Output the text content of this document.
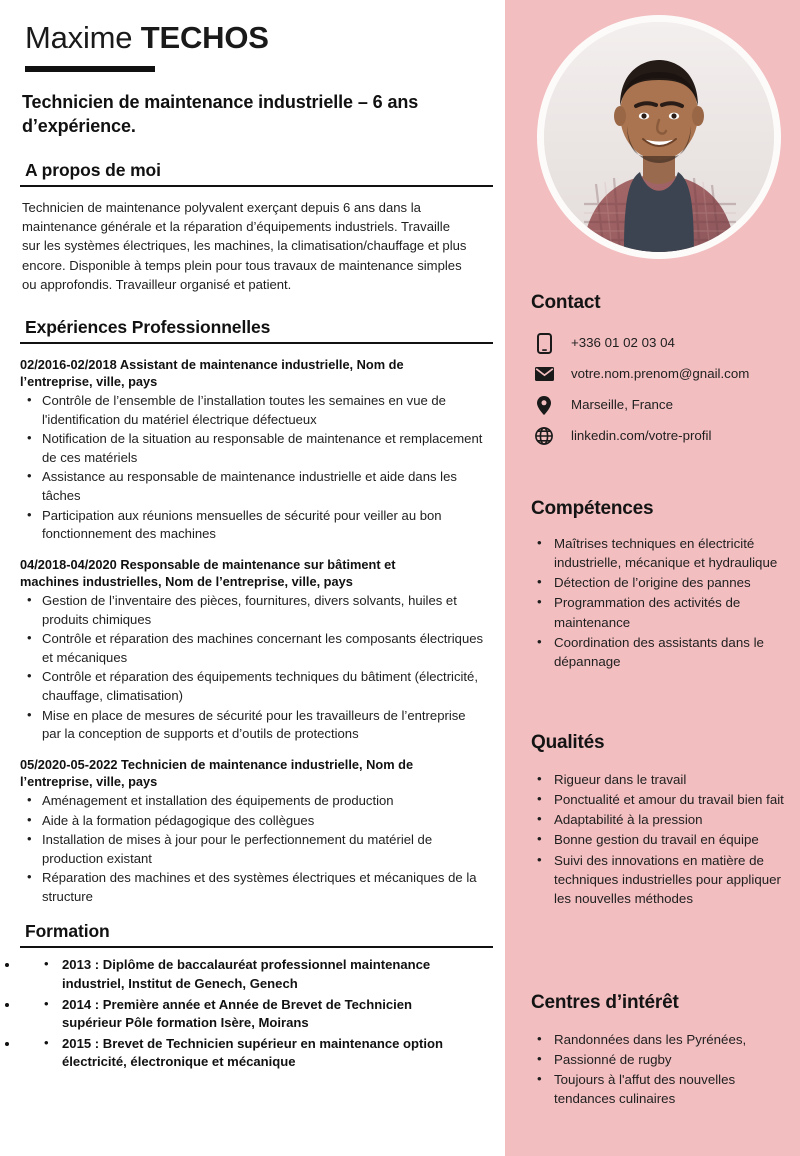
Maxime TECHOS
Technicien de maintenance industrielle – 6 ans d’expérience.
A propos de moi
Technicien de maintenance polyvalent exerçant depuis 6 ans dans la maintenance générale et la réparation d’équipements industriels. Travaille sur les systèmes électriques, les machines, la climatisation/chauffage et plus encore. Disponible à temps plein pour tous travaux de maintenance simples ou approfondis. Travailleur organisé et patient.
Expériences Professionnelles
02/2016-02/2018 Assistant de maintenance industrielle, Nom de l’entreprise, ville, pays
• Contrôle de l’ensemble de l’installation toutes les semaines en vue de l'identification du matériel électrique défectueux
• Notification de la situation au responsable de maintenance et remplacement de ces matériels
• Assistance au responsable de maintenance industrielle et aide dans les tâches
• Participation aux réunions mensuelles de sécurité pour veiller au bon fonctionnement des machines
04/2018-04/2020 Responsable de maintenance sur bâtiment et machines industrielles, Nom de l’entreprise, ville, pays
• Gestion de l’inventaire des pièces, fournitures, divers solvants, huiles et produits chimiques
• Contrôle et réparation des machines concernant les composants électriques et mécaniques
• Contrôle et réparation des équipements techniques du bâtiment (électricité, chauffage, climatisation)
• Mise en place de mesures de sécurité pour les travailleurs de l’entreprise par la conception de supports et d’outils de protections
05/2020-05-2022 Technicien de maintenance industrielle, Nom de l’entreprise, ville, pays
• Aménagement et installation des équipements de production
• Aide à la formation pédagogique des collègues
• Installation de mises à jour pour le perfectionnement du matériel de production existant
• Réparation des machines et des systèmes électriques et mécaniques de la structure
Formation
• • 2013 : Diplôme de baccalauréat professionnel maintenance industriel, Institut de Genech, Genech
• • 2014 : Première année et Année de Brevet de Technicien supérieur Pôle formation Isère, Moirans
• • 2015 : Brevet de Technicien supérieur en maintenance option électricité, électronique et mécanique
Contact
+336 01 02 03 04
votre.nom.prenom@gnail.com
Marseille, France
linkedin.com/votre-profil
Compétences
• Maîtrises techniques en électricité industrielle, mécanique et hydraulique
• Détection de l’origine des pannes
• Programmation des activités de maintenance
• Coordination des assistants dans le dépannage
Qualités
• Rigueur dans le travail
• Ponctualité et amour du travail bien fait
• Adaptabilité à la pression
• Bonne gestion du travail en équipe
• Suivi des innovations en matière de techniques industrielles pour appliquer les nouvelles méthodes
Centres d’intérêt
• Randonnées dans les Pyrénées,
• Passionné de rugby
• Toujours à l'affut des nouvelles tendances culinaires
